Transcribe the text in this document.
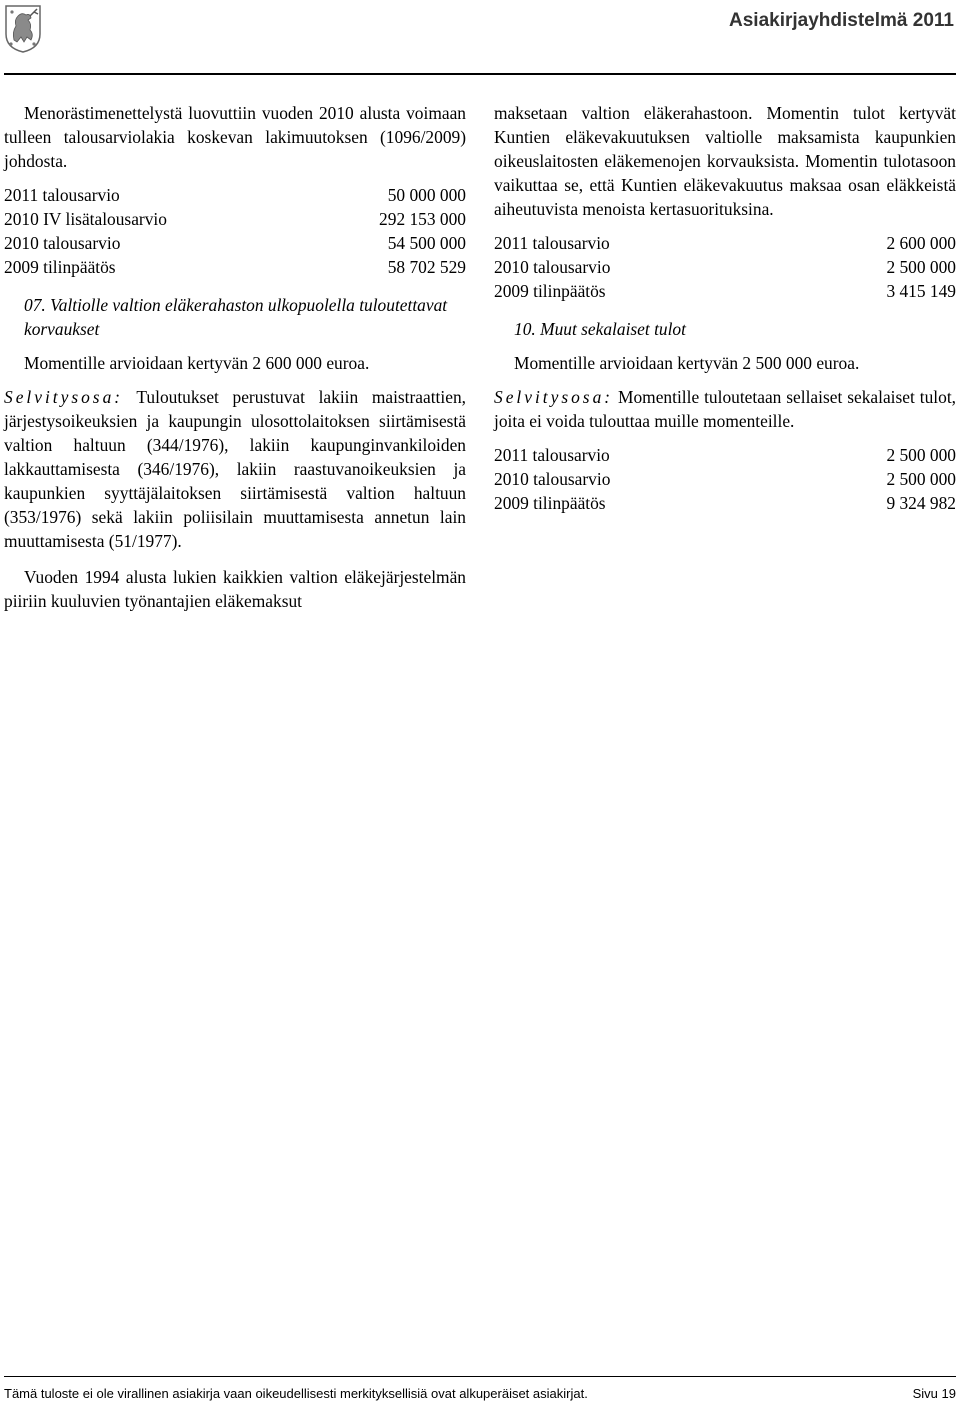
Asiakirjayhdistelmä 2011

Menorästimenettelystä luovuttiin vuoden 2010 alusta voimaan tulleen talousarviolakia koskevan lakimuutoksen (1096/2009) johdosta.

2011 talousarvio	50 000 000
2010 IV lisätalousarvio	292 153 000
2010 talousarvio	54 500 000
2009 tilinpäätös	58 702 529

07. Valtiolle valtion eläkerahaston ulkopuolella tuloutettavat korvaukset

Momentille arvioidaan kertyvän 2 600 000 euroa.

Selvitysosa: Tuloutukset perustuvat lakiin maistraattien, järjestysoikeuksien ja kaupungin ulosottolaitoksen siirtämisestä valtion haltuun (344/1976), lakiin kaupunginvankiloiden lakkauttamisesta (346/1976), lakiin raastuvanoikeuksien ja kaupunkien syyttäjälaitoksen siirtämisestä valtion haltuun (353/1976) sekä lakiin poliisilain muuttamisesta annetun lain muuttamisesta (51/1977).

Vuoden 1994 alusta lukien kaikkien valtion eläkejärjestelmän piiriin kuuluvien työnantajien eläkemaksut

maksetaan valtion eläkerahastoon. Momentin tulot kertyvät Kuntien eläkevakuutuksen valtiolle maksamista kaupunkien oikeuslaitosten eläkemenojen korvauksista. Momentin tulotasoon vaikuttaa se, että Kuntien eläkevakuutus maksaa osan eläkkeistä aiheutuvista menoista kertasuorituksina.

2011 talousarvio	2 600 000
2010 talousarvio	2 500 000
2009 tilinpäätös	3 415 149

10. Muut sekalaiset tulot

Momentille arvioidaan kertyvän 2 500 000 euroa.

Selvitysosa: Momentille tuloutetaan sellaiset sekalaiset tulot, joita ei voida tulouttaa muille momenteille.

2011 talousarvio	2 500 000
2010 talousarvio	2 500 000
2009 tilinpäätös	9 324 982
Tämä tuloste ei ole virallinen asiakirja vaan oikeudellisesti merkityksellisiä ovat alkuperäiset asiakirjat.	Sivu 19
